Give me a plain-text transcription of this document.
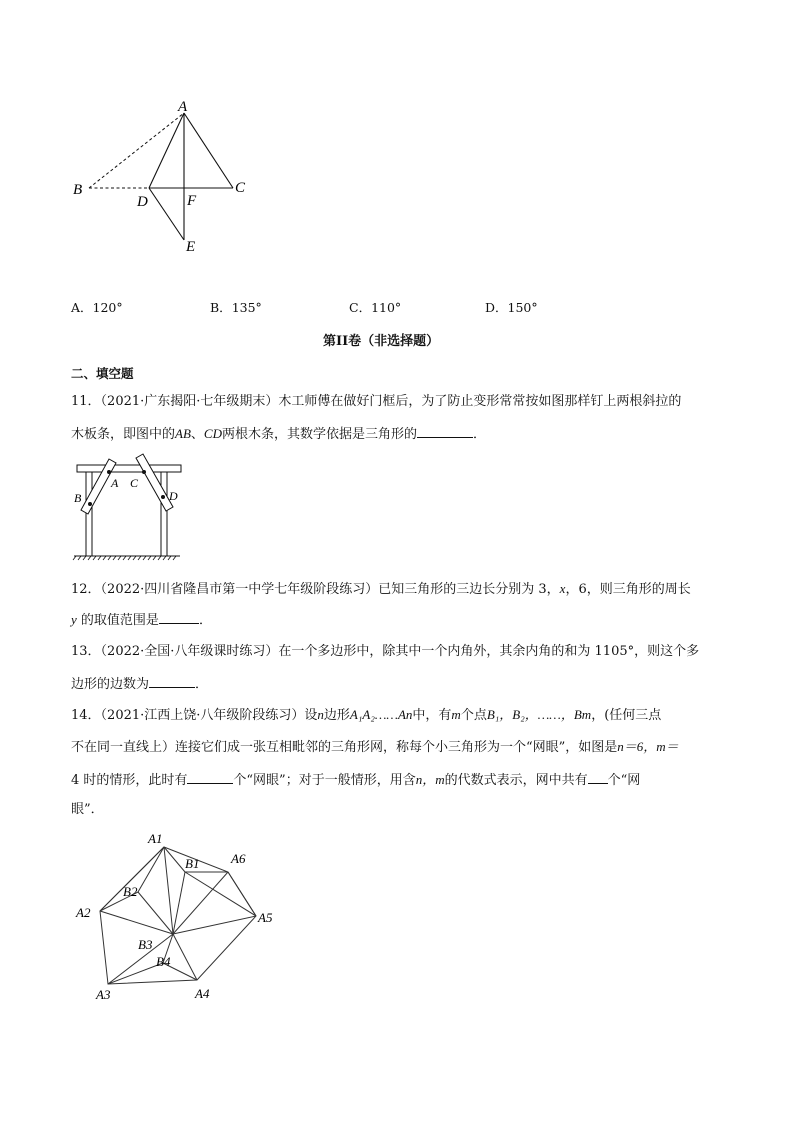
A
B	C
D	F
E
A．120°	B．135°	C．110°	D．150°
第II卷（非选择题）
二、填空题
11．（2021·广东揭阳·七年级期末）木工师傅在做好门框后，为了防止变形常常按如图那样钉上两根斜拉的
木板条，即图中的AB、CD两根木条，其数学依据是三角形的	．
A
B
C
D
12．（2022·四川省隆昌市第一中学七年级阶段练习）已知三角形的三边长分别为 3，x，6，则三角形的周长
y 的取值范围是	．
13．（2022·全国·八年级课时练习）在一个多边形中，除其中一个内角外，其余内角的和为 1105°，则这个多
边形的边数为	．
14．（2021·江西上饶·八年级阶段练习）设n边形A₁A₂……An中，有m个点B₁，B₂，……，Bm，(任何三点
不在同一直线上）连接它们成一张互相毗邻的三角形网，称每个小三角形为一个“网眼”，如图是n＝6，m＝
4 时的情形，此时有	个“网眼”；对于一般情形，用含n，m的代数式表示，网中共有 个“网
眼”．
A1
A2
A3	A4
A5
A6
B1
B2
B3
B4
